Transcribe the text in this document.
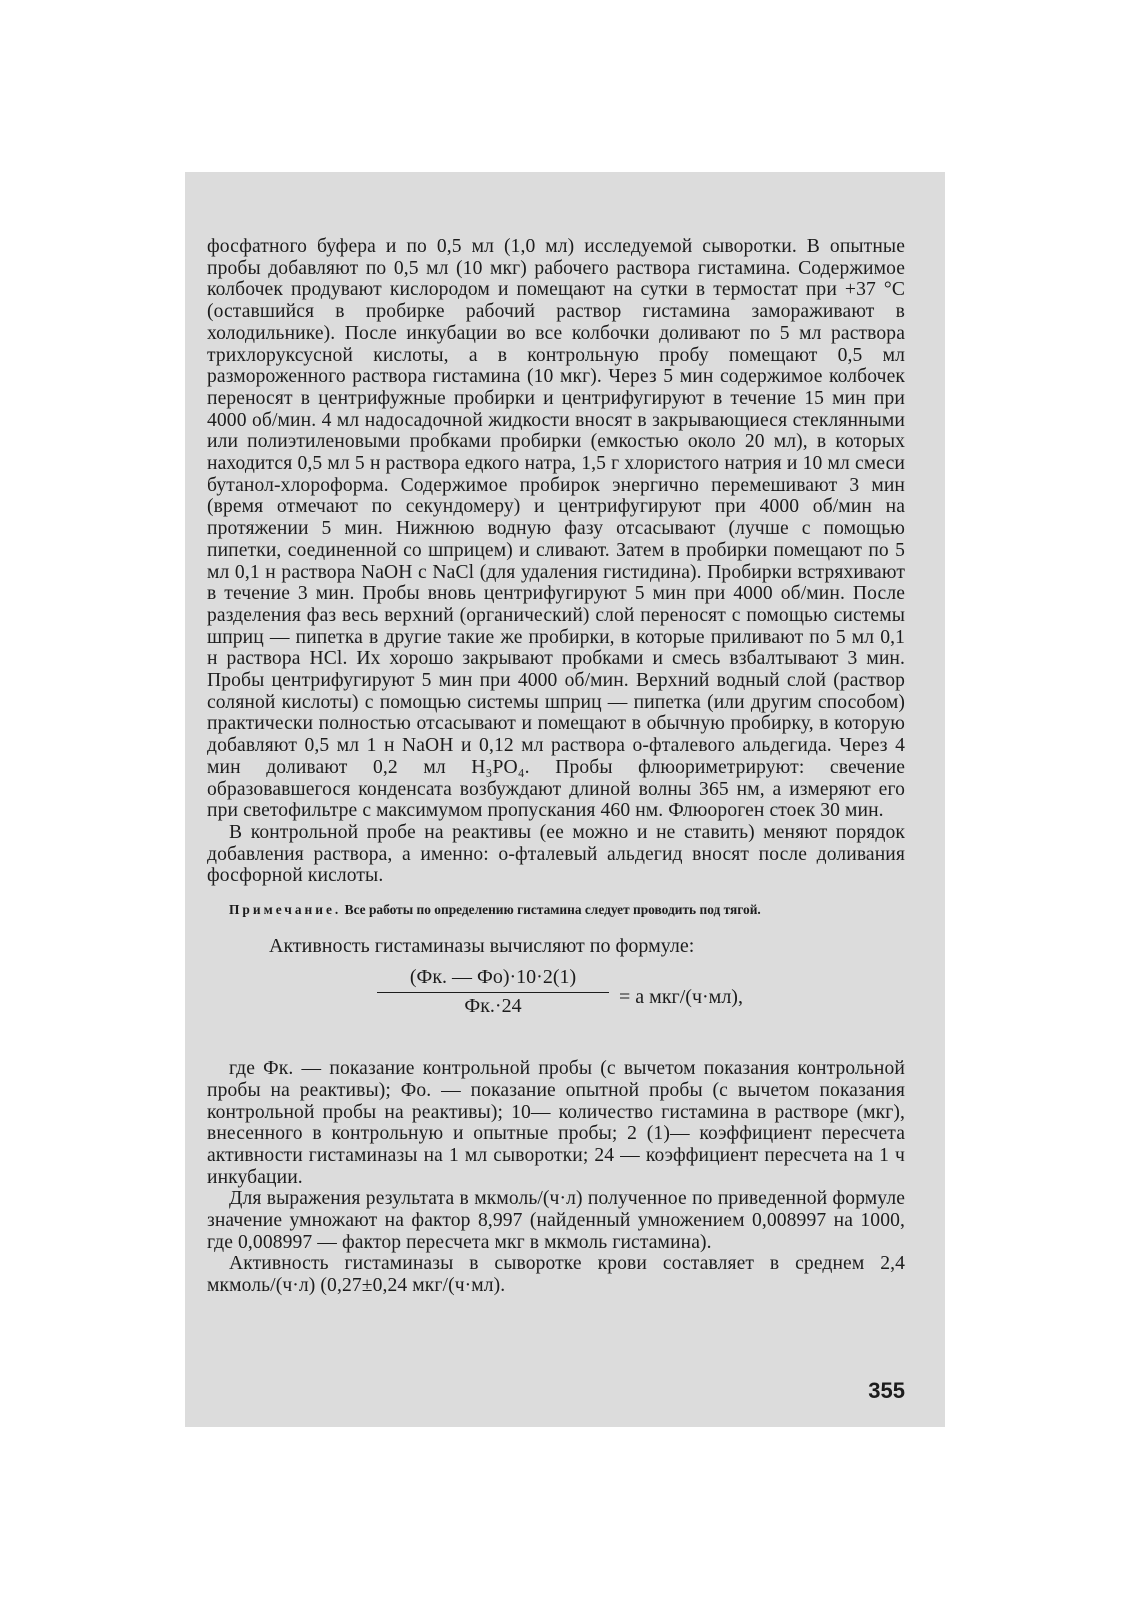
фосфатного буфера и по 0,5 мл (1,0 мл) исследуемой сыворотки. В опытные пробы добавляют по 0,5 мл (10 мкг) рабочего раствора гистамина. Содержимое колбочек продувают кислородом и помещают на сутки в термостат при +37 °С (оставшийся в пробирке рабочий раствор гистамина замораживают в холодильнике). После инкубации во все колбочки доливают по 5 мл раствора трихлоруксусной кислоты, а в контрольную пробу помещают 0,5 мл размороженного раствора гистамина (10 мкг). Через 5 мин содержимое колбочек переносят в центрифужные пробирки и центрифугируют в течение 15 мин при 4000 об/мин. 4 мл надосадочной жидкости вносят в закрывающиеся стеклянными или полиэтиленовыми пробками пробирки (емкостью около 20 мл), в которых находится 0,5 мл 5 н раствора едкого натра, 1,5 г хлористого натрия и 10 мл смеси бутанол-хлороформа. Содержимое пробирок энергично перемешивают 3 мин (время отмечают по секундомеру) и центрифугируют при 4000 об/мин на протяжении 5 мин. Нижнюю водную фазу отсасывают (лучше с помощью пипетки, соединенной со шприцем) и сливают. Затем в пробирки помещают по 5 мл 0,1 н раствора NaOH с NaCl (для удаления гистидина). Пробирки встряхивают в течение 3 мин. Пробы вновь центрифугируют 5 мин при 4000 об/мин. После разделения фаз весь верхний (органический) слой переносят с помощью системы шприц — пипетка в другие такие же пробирки, в которые приливают по 5 мл 0,1 н раствора HCl. Их хорошо закрывают пробками и смесь взбалтывают 3 мин. Пробы центрифугируют 5 мин при 4000 об/мин. Верхний водный слой (раствор соляной кислоты) с помощью системы шприц — пипетка (или другим способом) практически полностью отсасывают и помещают в обычную пробирку, в которую добавляют 0,5 мл 1 н NaOH и 0,12 мл раствора о-фталевого альдегида. Через 4 мин доливают 0,2 мл H₃PO₄. Пробы флюориметрируют: свечение образовавшегося конденсата возбуждают длиной волны 365 нм, а измеряют его при светофильтре с максимумом пропускания 460 нм. Флюороген стоек 30 мин.

В контрольной пробе на реактивы (ее можно и не ставить) меняют порядок добавления раствора, а именно: о-фталевый альдегид вносят после доливания фосфорной кислоты.

Примечание. Все работы по определению гистамина следует проводить под тягой.

Активность гистаминазы вычисляют по формуле:

(Фк. — Фо)·10·2(1)
Фк.·24	= а мкг/(ч·мл),

где Фк. — показание контрольной пробы (с вычетом показания контрольной пробы на реактивы); Фо. — показание опытной пробы (с вычетом показания контрольной пробы на реактивы); 10— количество гистамина в растворе (мкг), внесенного в контрольную и опытные пробы; 2 (1)— коэффициент пересчета активности гистаминазы на 1 мл сыворотки; 24 — коэффициент пересчета на 1 ч инкубации.

Для выражения результата в мкмоль/(ч·л) полученное по приведенной формуле значение умножают на фактор 8,997 (найденный умножением 0,008997 на 1000, где 0,008997 — фактор пересчета мкг в мкмоль гистамина).

Активность гистаминазы в сыворотке крови составляет в среднем 2,4 мкмоль/(ч·л) (0,27±0,24 мкг/(ч·мл).

355
